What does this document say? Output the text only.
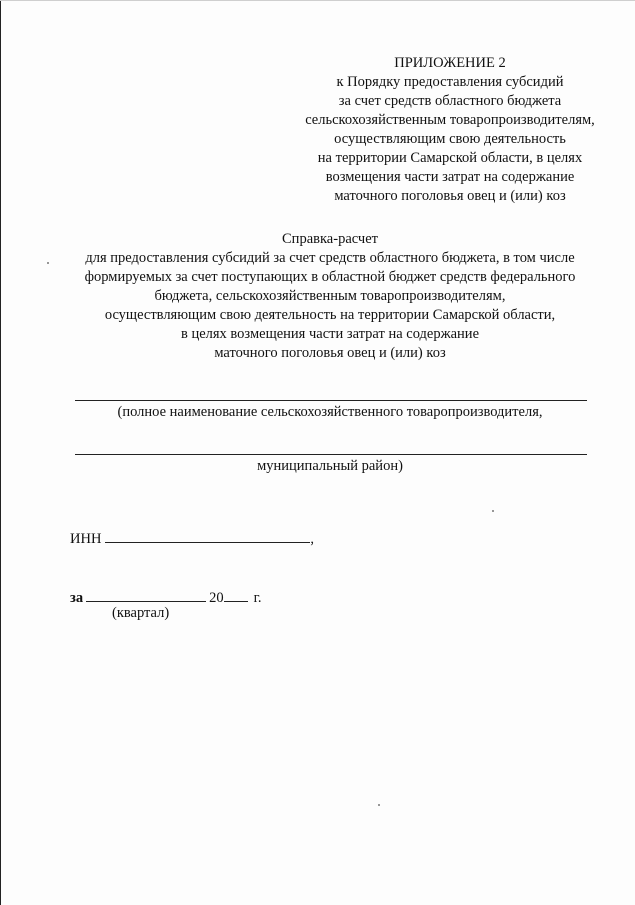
ПРИЛОЖЕНИЕ 2
к Порядку предоставления субсидий
за счет средств областного бюджета
сельскохозяйственным товаропроизводителям,
осуществляющим свою деятельность
на территории Самарской области, в целях
возмещения части затрат на содержание
маточного поголовья овец и (или) коз
Справка-расчет
для предоставления субсидий за счет средств областного бюджета, в том числе
формируемых за счет поступающих в областной бюджет средств федерального
бюджета, сельскохозяйственным товаропроизводителям,
осуществляющим свою деятельность на территории Самарской области,
в целях возмещения части затрат на содержание
маточного поголовья овец и (или) коз
(полное наименование сельскохозяйственного товаропроизводителя,
муниципальный район)
ИНН	,
за	20 г.
(квартал)
